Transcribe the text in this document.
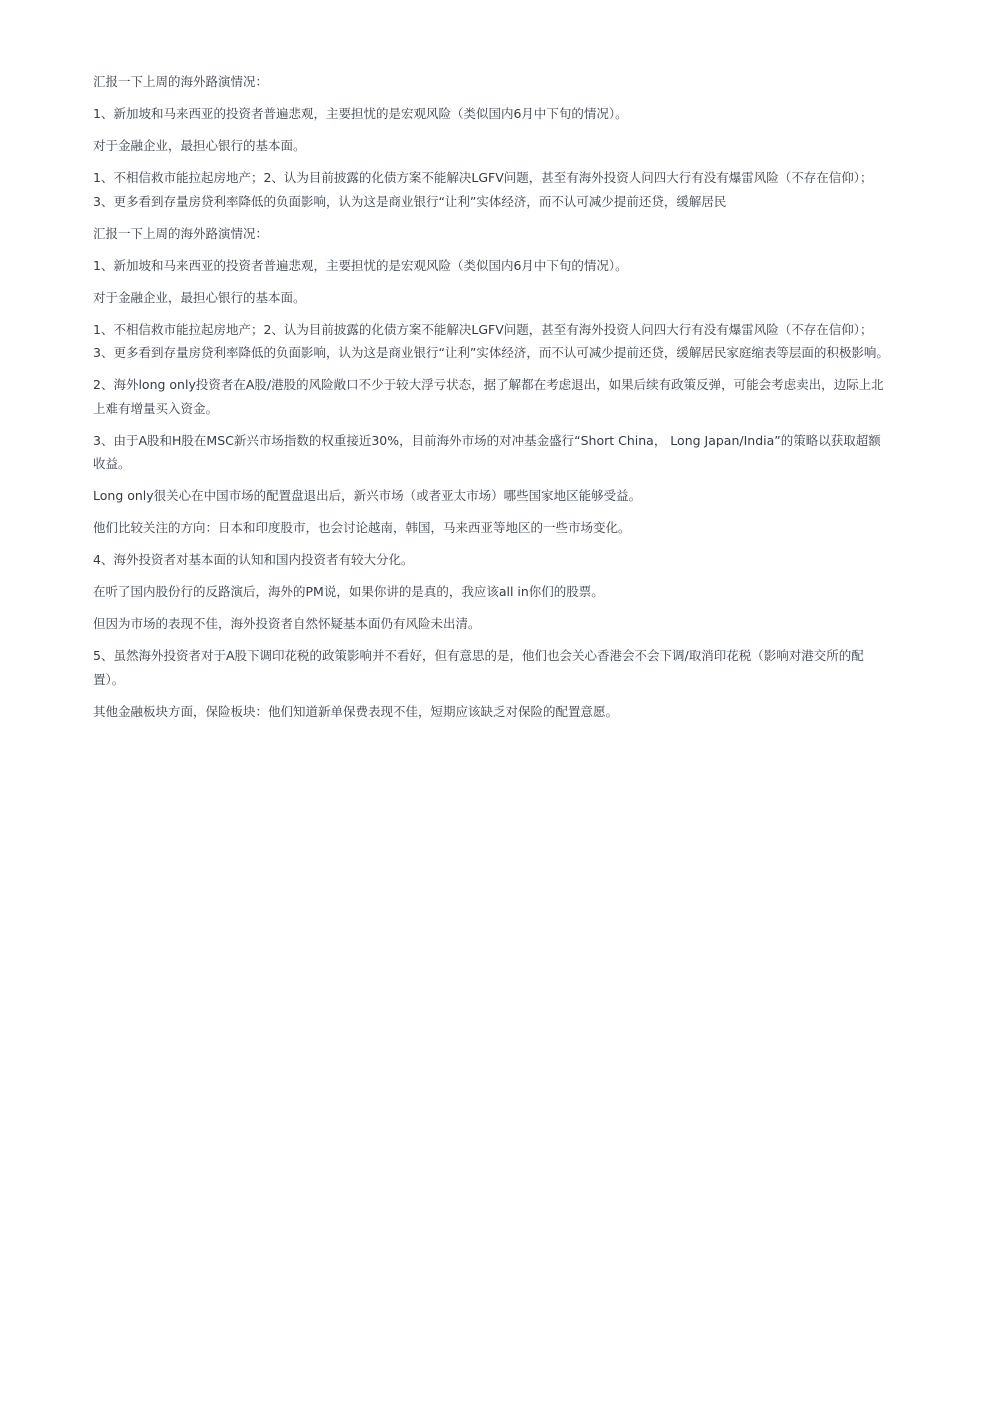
汇报一下上周的海外路演情况：

1、新加坡和马来西亚的投资者普遍悲观，主要担忧的是宏观风险（类似国内6月中下旬的情况）。

对于金融企业，最担心银行的基本面。

1、不相信救市能拉起房地产；2、认为目前披露的化债方案不能解决LGFV问题，甚至有海外投资人问四大行有没有爆雷风险（不存在信仰）；
3、更多看到存量房贷利率降低的负面影响，认为这是商业银行“让利”实体经济，而不认可减少提前还贷，缓解居民

汇报一下上周的海外路演情况：

1、新加坡和马来西亚的投资者普遍悲观，主要担忧的是宏观风险（类似国内6月中下旬的情况）。

对于金融企业，最担心银行的基本面。

1、不相信救市能拉起房地产；2、认为目前披露的化债方案不能解决LGFV问题，甚至有海外投资人问四大行有没有爆雷风险（不存在信仰）；
3、更多看到存量房贷利率降低的负面影响，认为这是商业银行“让利”实体经济，而不认可减少提前还贷，缓解居民家庭缩表等层面的积极影响。

2、海外long only投资者在A股/港股的风险敞口不少于较大浮亏状态，据了解都在考虑退出，如果后续有政策反弹，可能会考虑卖出，边际上北
上难有增量买入资金。

3、由于A股和H股在MSC新兴市场指数的权重接近30%，目前海外市场的对冲基金盛行“Short China， Long Japan/India”的策略以获取超额
收益。

Long only很关心在中国市场的配置盘退出后，新兴市场（或者亚太市场）哪些国家地区能够受益。

他们比较关注的方向：日本和印度股市，也会讨论越南，韩国，马来西亚等地区的一些市场变化。

4、海外投资者对基本面的认知和国内投资者有较大分化。

在听了国内股份行的反路演后，海外的PM说，如果你讲的是真的，我应该all in你们的股票。

但因为市场的表现不佳，海外投资者自然怀疑基本面仍有风险未出清。

5、虽然海外投资者对于A股下调印花税的政策影响并不看好，但有意思的是，他们也会关心香港会不会下调/取消印花税（影响对港交所的配
置）。

其他金融板块方面，保险板块：他们知道新单保费表现不佳，短期应该缺乏对保险的配置意愿。
